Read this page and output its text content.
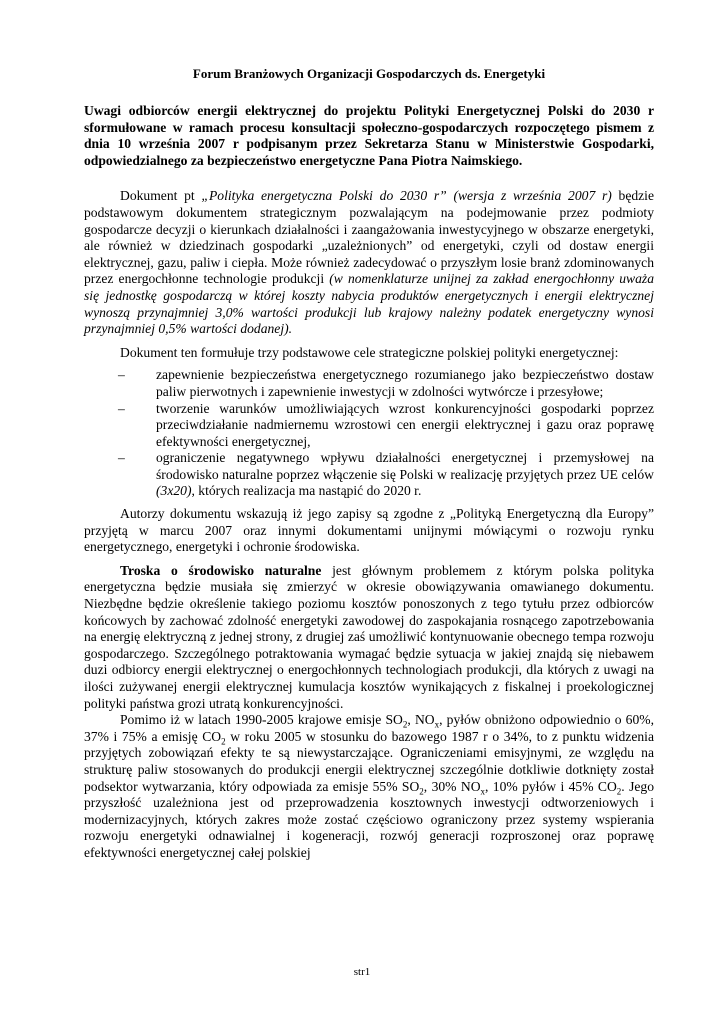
Forum Branżowych Organizacji Gospodarczych ds. Energetyki
Uwagi odbiorców energii elektrycznej do projektu Polityki Energetycznej Polski do 2030 r sformułowane w ramach procesu konsultacji społeczno-gospodarczych rozpoczętego pismem z dnia 10 września 2007 r podpisanym przez Sekretarza Stanu w Ministerstwie Gospodarki, odpowiedzialnego za bezpieczeństwo energetyczne Pana Piotra Naimskiego.

Dokument pt „Polityka energetyczna Polski do 2030 r” (wersja z września 2007 r) będzie podstawowym dokumentem strategicznym pozwalającym na podejmowanie przez podmioty gospodarcze decyzji o kierunkach działalności i zaangażowania inwestycyjnego w obszarze energetyki, ale również w dziedzinach gospodarki „uzależnionych” od energetyki, czyli od dostaw energii elektrycznej, gazu, paliw i ciepła. Może również zadecydować o przyszłym losie branż zdominowanych przez energochłonne technologie produkcji (w nomenklaturze unijnej za zakład energochłonny uważa się jednostkę gospodarczą w której koszty nabycia produktów energetycznych i energii elektrycznej wynoszą przynajmniej 3,0% wartości produkcji lub krajowy należny podatek energetyczny wynosi przynajmniej 0,5% wartości dodanej).

Dokument ten formułuje trzy podstawowe cele strategiczne polskiej polityki energetycznej:

– zapewnienie bezpieczeństwa energetycznego rozumianego jako bezpieczeństwo dostaw paliw pierwotnych i zapewnienie inwestycji w zdolności wytwórcze i przesyłowe;
– tworzenie warunków umożliwiających wzrost konkurencyjności gospodarki poprzez przeciwdziałanie nadmiernemu wzrostowi cen energii elektrycznej i gazu oraz poprawę efektywności energetycznej,
– ograniczenie negatywnego wpływu działalności energetycznej i przemysłowej na środowisko naturalne poprzez włączenie się Polski w realizację przyjętych przez UE celów (3x20), których realizacja ma nastąpić do 2020 r.

Autorzy dokumentu wskazują iż jego zapisy są zgodne z „Polityką Energetyczną dla Europy” przyjętą w marcu 2007 oraz innymi dokumentami unijnymi mówiącymi o rozwoju rynku energetycznego, energetyki i ochronie środowiska.

Troska o środowisko naturalne jest głównym problemem z którym polska polityka energetyczna będzie musiała się zmierzyć w okresie obowiązywania omawianego dokumentu. Niezbędne będzie określenie takiego poziomu kosztów ponoszonych z tego tytułu przez odbiorców końcowych by zachować zdolność energetyki zawodowej do zaspokajania rosnącego zapotrzebowania na energię elektryczną z jednej strony, z drugiej zaś umożliwić kontynuowanie obecnego tempa rozwoju gospodarczego. Szczególnego potraktowania wymagać będzie sytuacja w jakiej znajdą się niebawem duzi odbiorcy energii elektrycznej o energochłonnych technologiach produkcji, dla których z uwagi na ilości zużywanej energii elektrycznej kumulacja kosztów wynikających z fiskalnej i proekologicznej polityki państwa grozi utratą konkurencyjności.

Pomimo iż w latach 1990-2005 krajowe emisje $SO_2$, $NO_x$, pyłów obniżono odpowiednio o 60%, 37% i 75% a emisję $CO_2$ w roku 2005 w stosunku do bazowego 1987 r o 34%, to z punktu widzenia przyjętych zobowiązań efekty te są niewystarczające. Ograniczeniami emisyjnymi, ze względu na strukturę paliw stosowanych do produkcji energii elektrycznej szczególnie dotkliwie dotknięty został podsektor wytwarzania, który odpowiada za emisje 55% $SO_2$, 30% $NO_x$, 10% pyłów i 45% $CO_2$. Jego przyszłość uzależniona jest od przeprowadzenia kosztownych inwestycji odtworzeniowych i modernizacyjnych, których zakres może zostać częściowo ograniczony przez systemy wspierania rozwoju energetyki odnawialnej i kogeneracji, rozwój generacji rozproszonej oraz poprawę efektywności energetycznej całej polskiej

str1
